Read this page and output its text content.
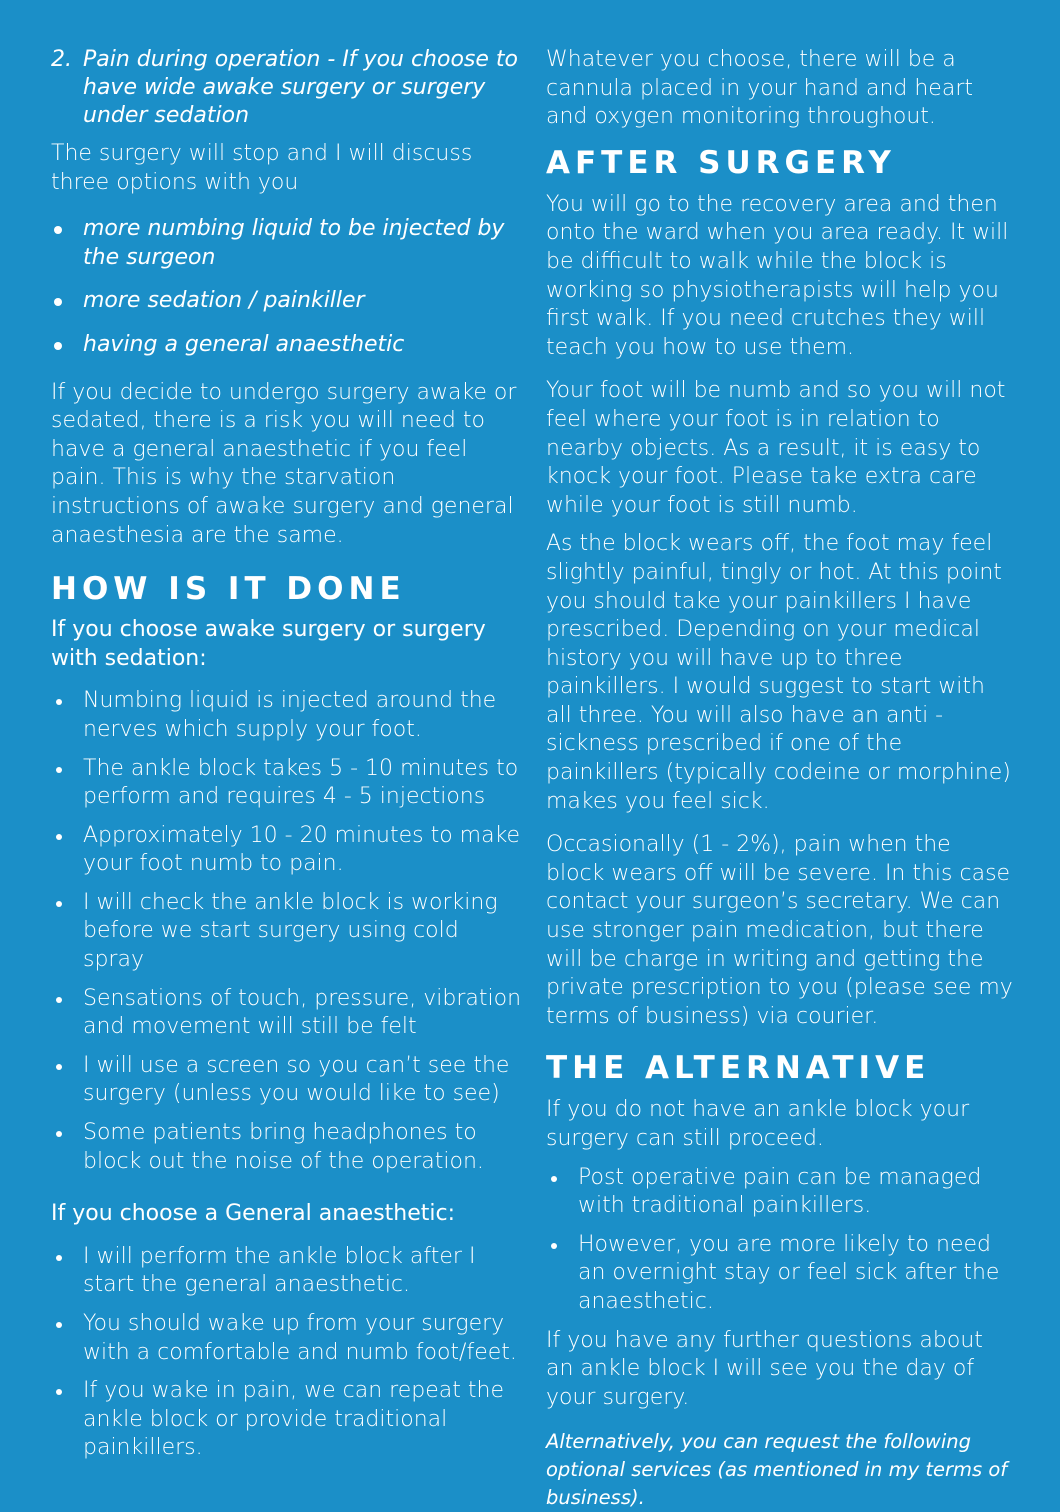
2. Pain during operation - If you choose to have wide awake surgery or surgery under sedation

The surgery will stop and I will discuss three options with you

more numbing liquid to be injected by the surgeon
more sedation / painkiller
having a general anaesthetic

If you decide to undergo surgery awake or sedated, there is a risk you will need to have a general anaesthetic if you feel pain. This is why the starvation instructions of awake surgery and general anaesthesia are the same.

HOW IS IT DONE
If you choose awake surgery or surgery with sedation:
Numbing liquid is injected around the nerves which supply your foot.
The ankle block takes 5 - 10 minutes to perform and requires 4 - 5 injections
Approximately 10 - 20 minutes to make your foot numb to pain.
I will check the ankle block is working before we start surgery using cold spray
Sensations of touch, pressure, vibration and movement will still be felt
I will use a screen so you can’t see the surgery (unless you would like to see)
Some patients bring headphones to block out the noise of the operation.
If you choose a General anaesthetic:
I will perform the ankle block after I start the general anaesthetic.
You should wake up from your surgery with a comfortable and numb foot/feet.
If you wake in pain, we can repeat the ankle block or provide traditional painkillers.

Whatever you choose, there will be a cannula placed in your hand and heart and oxygen monitoring throughout.

AFTER SURGERY

You will go to the recovery area and then onto the ward when you area ready. It will be difficult to walk while the block is working so physiotherapists will help you first walk. If you need crutches they will teach you how to use them.

Your foot will be numb and so you will not feel where your foot is in relation to nearby objects. As a result, it is easy to knock your foot. Please take extra care while your foot is still numb.

As the block wears off, the foot may feel slightly painful, tingly or hot. At this point you should take your painkillers I have prescribed. Depending on your medical history you will have up to three painkillers. I would suggest to start with all three. You will also have an anti - sickness prescribed if one of the painkillers (typically codeine or morphine) makes you feel sick.

Occasionally (1 - 2%), pain when the block wears off will be severe. In this case contact your surgeon’s secretary. We can use stronger pain medication, but there will be charge in writing and getting the private prescription to you (please see my terms of business) via courier.

THE ALTERNATIVE

If you do not have an ankle block your surgery can still proceed.

Post operative pain can be managed with traditional painkillers.
However, you are more likely to need an overnight stay or feel sick after the anaesthetic.

If you have any further questions about an ankle block I will see you the day of your surgery.

Alternatively, you can request the following optional services (as mentioned in my terms of business).
